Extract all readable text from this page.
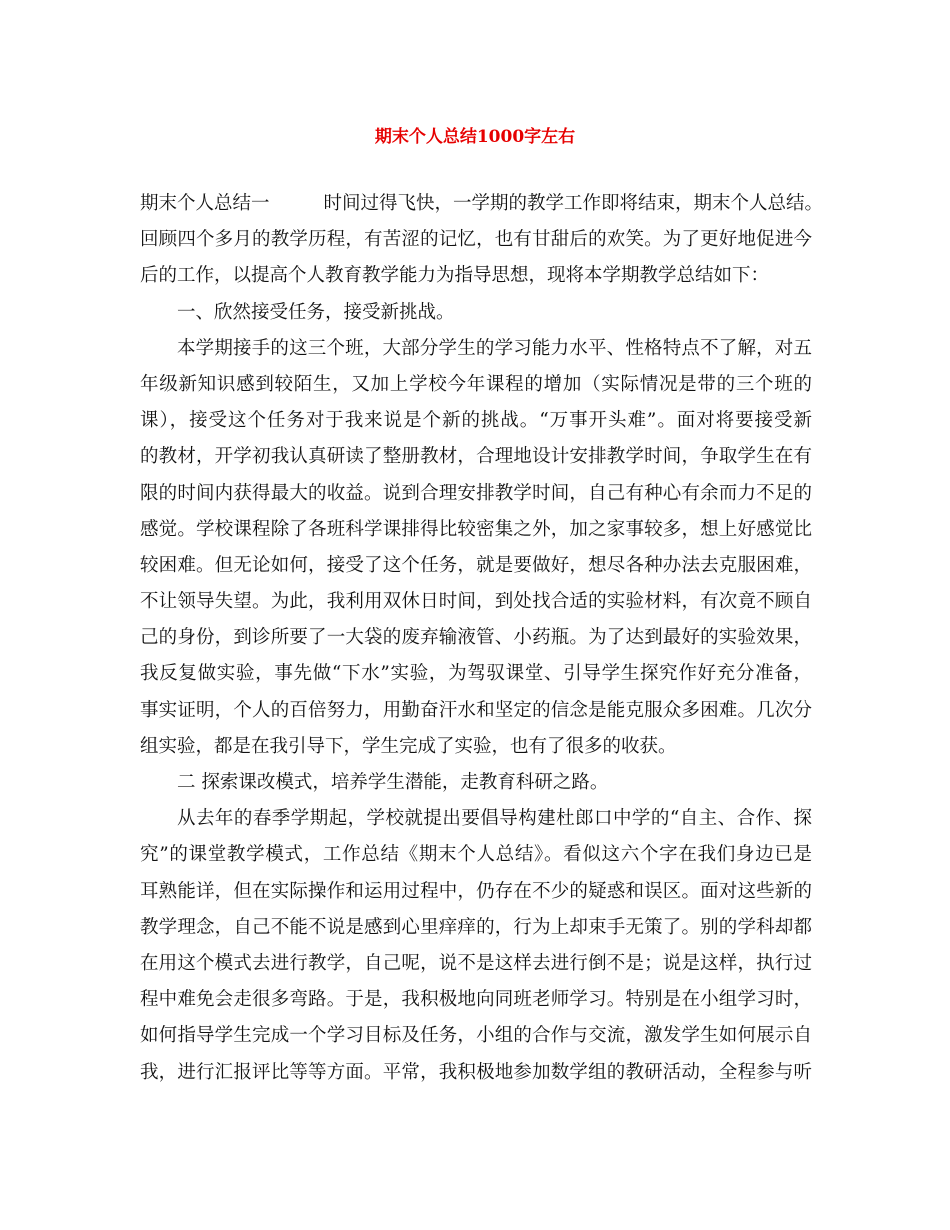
期末个人总结1000字左右
期末个人总结一	时间过得飞快，一学期的教学工作即将结束，期末个人总结。
回顾四个多月的教学历程，有苦涩的记忆，也有甘甜后的欢笑。为了更好地促进今
后的工作，以提高个人教育教学能力为指导思想，现将本学期教学总结如下：
一、欣然接受任务，接受新挑战。
本学期接手的这三个班，大部分学生的学习能力水平、性格特点不了解，对五
年级新知识感到较陌生，又加上学校今年课程的增加（实际情况是带的三个班的
课），接受这个任务对于我来说是个新的挑战。“万事开头难”。面对将要接受新
的教材，开学初我认真研读了整册教材，合理地设计安排教学时间，争取学生在有
限的时间内获得最大的收益。说到合理安排教学时间，自己有种心有余而力不足的
感觉。学校课程除了各班科学课排得比较密集之外，加之家事较多，想上好感觉比
较困难。但无论如何，接受了这个任务，就是要做好，想尽各种办法去克服困难，
不让领导失望。为此，我利用双休日时间，到处找合适的实验材料，有次竟不顾自
己的身份，到诊所要了一大袋的废弃输液管、小药瓶。为了达到最好的实验效果，
我反复做实验，事先做“下水”实验，为驾驭课堂、引导学生探究作好充分准备，
事实证明，个人的百倍努力，用勤奋汗水和坚定的信念是能克服众多困难。几次分
组实验，都是在我引导下，学生完成了实验，也有了很多的收获。
二 探索课改模式，培养学生潜能，走教育科研之路。
从去年的春季学期起，学校就提出要倡导构建杜郎口中学的“自主、合作、探
究”的课堂教学模式，工作总结《期末个人总结》。看似这六个字在我们身边已是
耳熟能详，但在实际操作和运用过程中，仍存在不少的疑惑和误区。面对这些新的
教学理念，自己不能不说是感到心里痒痒的，行为上却束手无策了。别的学科却都
在用这个模式去进行教学，自己呢，说不是这样去进行倒不是；说是这样，执行过
程中难免会走很多弯路。于是，我积极地向同班老师学习。特别是在小组学习时，
如何指导学生完成一个学习目标及任务，小组的合作与交流，激发学生如何展示自
我，进行汇报评比等等方面。平常，我积极地参加数学组的教研活动，全程参与听
